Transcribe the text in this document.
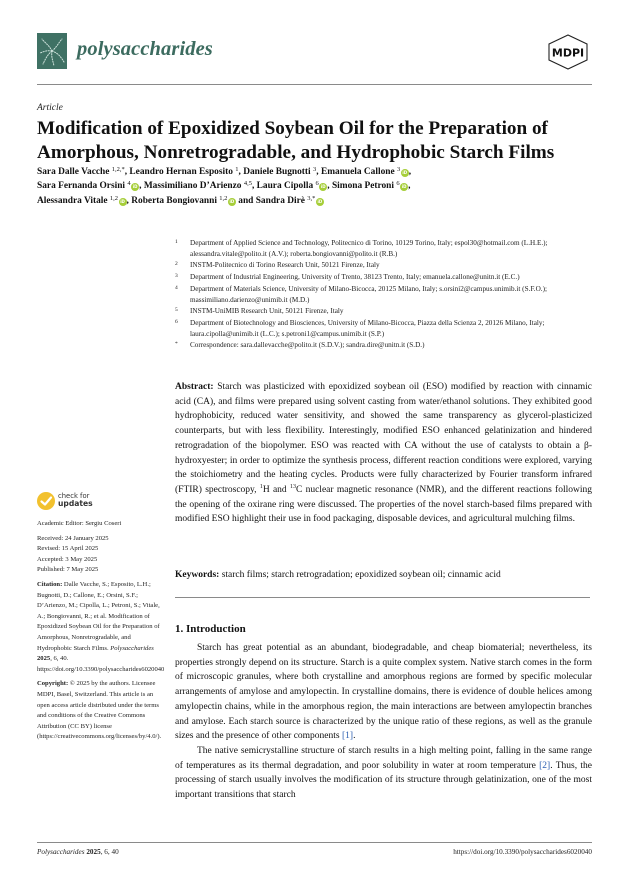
polysaccharides	MDPI
Article
Modification of Epoxidized Soybean Oil for the Preparation of Amorphous, Nonretrogradable, and Hydrophobic Starch Films
Sara Dalle Vacche $^{1,2,*}$, Leandro Hernan Esposito $^1$, Daniele Bugnotti $^3$, Emanuela Callone $^3$ iD ,
Sara Fernanda Orsini $^4$ iD , Massimiliano D’Arienzo $^{4,5}$, Laura Cipolla $^6$ iD , Simona Petroni $^6$ iD ,
Alessandra Vitale $^{1,2}$ iD , Roberta Bongiovanni $^{1,2}$ iD and Sandra Dirè $^{3,*}$ iD
1 Department of Applied Science and Technology, Politecnico di Torino, 10129 Torino, Italy; espol30@hotmail.com (L.H.E.); alessandra.vitale@polito.it (A.V.); roberta.bongiovanni@polito.it (R.B.)
2 INSTM-Politecnico di Torino Research Unit, 50121 Firenze, Italy
3 Department of Industrial Engineering, University of Trento, 38123 Trento, Italy; emanuela.callone@unitn.it (E.C.)
4 Department of Materials Science, University of Milano-Bicocca, 20125 Milano, Italy; s.orsini2@campus.unimib.it (S.F.O.); massimiliano.darienzo@unimib.it (M.D.)
5 INSTM-UniMIB Research Unit, 50121 Firenze, Italy
6 Department of Biotechnology and Biosciences, University of Milano-Bicocca, Piazza della Scienza 2, 20126 Milano, Italy; laura.cipolla@unimib.it (L.C.); s.petroni1@campus.unimib.it (S.P.)
* Correspondence: sara.dallevacche@polito.it (S.D.V.); sandra.dire@unitn.it (S.D.)
Abstract: Starch was plasticized with epoxidized soybean oil (ESO) modified by reaction with cinnamic acid (CA), and films were prepared using solvent casting from water/ethanol solutions. They exhibited good hydrophobicity, reduced water sensitivity, and showed the same transparency as glycerol-plasticized counterparts, but with less flexibility. Interestingly, modified ESO enhanced gelatinization and hindered retrogradation of the biopolymer. ESO was reacted with CA without the use of catalysts to obtain a β-hydroxyester; in order to optimize the synthesis process, different reaction conditions were explored, varying the stoichiometry and the heating cycles. Products were fully characterized by Fourier transform infrared (FTIR) spectroscopy, $^1$H and $^{13}$C nuclear magnetic resonance (NMR), and the different reactions following the opening of the oxirane ring were discussed. The properties of the novel starch-based films prepared with modified ESO highlight their use in food packaging, disposable devices, and agricultural mulching films.
Keywords: starch films; starch retrogradation; epoxidized soybean oil; cinnamic acid
check for
updates
Academic Editor: Sergiu Coseri
Received: 24 January 2025
Revised: 15 April 2025
Accepted: 3 May 2025
Published: 7 May 2025
Citation: Dalle Vacche, S.; Esposito, L.H.; Bugnotti, D.; Callone, E.; Orsini, S.F.; D’Arienzo, M.; Cipolla, L.; Petroni, S.; Vitale, A.; Bongiovanni, R.; et al. Modification of Epoxidized Soybean Oil for the Preparation of Amorphous, Nonretrogradable, and Hydrophobic Starch Films. Polysaccharides 2025, 6, 40. https://doi.org/10.3390/polysaccharides6020040
Copyright: © 2025 by the authors. Licensee MDPI, Basel, Switzerland. This article is an open access article distributed under the terms and conditions of the Creative Commons Attribution (CC BY) license (https://creativecommons.org/licenses/by/4.0/).
1. Introduction

Starch has great potential as an abundant, biodegradable, and cheap biomaterial; nevertheless, its properties strongly depend on its structure. Starch is a quite complex system. Native starch comes in the form of microscopic granules, where both crystalline and amorphous regions are formed by specific molecular arrangements of amylose and amylopectin. In crystalline domains, there is evidence of double helices among amylopectin chains, while in the amorphous region, the main interactions are between amylopectin branches and amylose. Each starch source is characterized by the unique ratio of these regions, as well as the granule sizes and the presence of other components [1].

The native semicrystalline structure of starch results in a high melting point, falling in the same range of temperatures as its thermal degradation, and poor solubility in water at room temperature [2]. Thus, the processing of starch usually involves the modification of its structure through gelatinization, one of the most important transitions that starch

Polysaccharides 2025, 6, 40	https://doi.org/10.3390/polysaccharides6020040
